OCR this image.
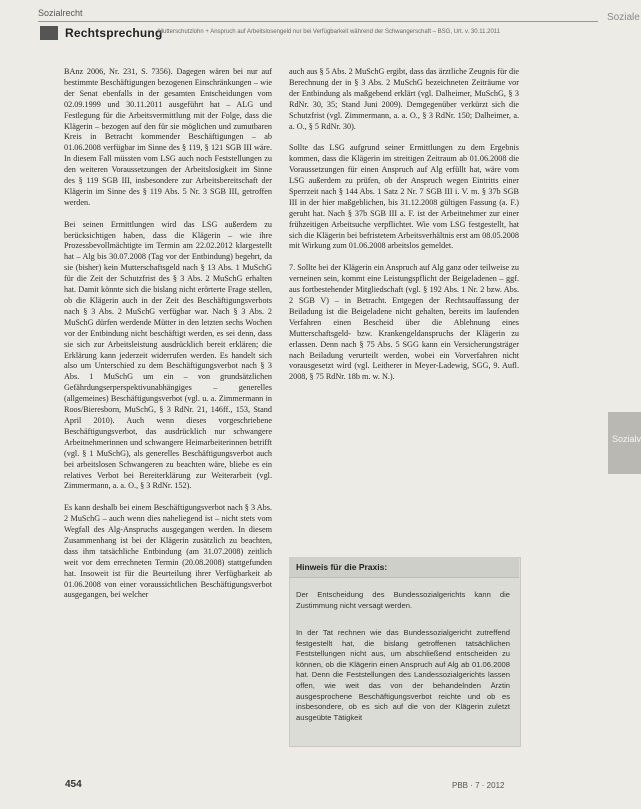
Sozialrecht
Rechtsprechung
Mutterschutzlohn + Anspruch auf Arbeitslosengeld nur bei Verfügbarkeit während der Schwangerschaft – BSG, Urt. v. 30.11.2011
Soziale
Sozialv

BAnz 2006, Nr. 231, S. 7356). Dagegen wären bei nur auf bestimmte Beschäftigungen bezogenen Einschränkungen – wie der Senat ebenfalls in der gesamten Entscheidungen vom 02.09.1999 und 30.11.2011 ausgeführt hat – ALG und Festlegung für die Arbeitsvermittlung mit der Folge, dass die Klägerin – bezogen auf den für sie möglichen und zumutbaren Kreis in Betracht kommender Beschäftigungen – ab 01.06.2008 verfügbar im Sinne des § 119, § 121 SGB III wäre. In diesem Fall müssten vom LSG auch noch Feststellungen zu den weiteren Voraussetzungen der Arbeitslosigkeit im Sinne des § 119 SGB III, insbesondere zur Arbeitsbereitschaft der Klägerin im Sinne des § 119 Abs. 5 Nr. 3 SGB III, getroffen werden.

Bei seinen Ermittlungen wird das LSG außerdem zu berücksichtigen haben, dass die Klägerin – wie ihre Prozessbevollmächtigte im Termin am 22.02.2012 klargestellt hat – Alg bis 30.07.2008 (Tag vor der Entbindung) begehrt, da sie (bisher) kein Mutterschaftsgeld nach § 13 Abs. 1 MuSchG für die Zeit der Schutzfrist des § 3 Abs. 2 MuSchG erhalten hat. Damit könnte sich die bislang nicht erörterte Frage stellen, ob die Klägerin auch in der Zeit des Beschäftigungsverbots nach § 3 Abs. 2 MuSchG verfügbar war. Nach § 3 Abs. 2 MuSchG dürfen werdende Mütter in den letzten sechs Wochen vor der Entbindung nicht beschäftigt werden, es sei denn, dass sie sich zur Arbeitsleistung ausdrücklich bereit erklären; die Erklärung kann jederzeit widerrufen werden. Es handelt sich also um Unterschied zu dem Beschäftigungsverbot nach § 3 Abs. 1 MuSchG um ein – von grundsätzlichen Gefährdungserperspektivunabhängiges – generelles (allgemeines) Beschäftigungsverbot (vgl. u. a. Zimmermann in Roos/Bieresborn, MuSchG, § 3 RdNr. 21, 146ff., 153, Stand April 2010). Auch wenn dieses vorgeschriebene Beschäftigungsverbot, das ausdrücklich nur schwangere Arbeitnehmerinnen und schwangere Heimarbeiterinnen betrifft (vgl. § 1 MuSchG), als generelles Beschäftigungsverbot auch bei arbeitslosen Schwangeren zu beachten wäre, bliebe es ein relatives Verbot bei Bereiterklärung zur Weiterarbeit (vgl. Zimmermann, a. a. O., § 3 RdNr. 152).

Es kann deshalb bei einem Beschäftigungsverbot nach § 3 Abs. 2 MuSchG – auch wenn dies naheliegend ist – nicht stets vom Wegfall des Alg-Anspruchs ausgegangen werden. In diesem Zusammenhang ist bei der Klägerin zusätzlich zu beachten, dass ihm tatsächliche Entbindung (am 31.07.2008) zeitlich weit vor dem errechneten Termin (20.08.2008) stattgefunden hat. Insoweit ist für die Beurteilung ihrer Verfügbarkeit ab 01.06.2008 von einer voraussichtlichen Beschäftigungsverbot ausgegangen, bei welcher

auch aus § 5 Abs. 2 MuSchG ergibt, dass das ärztliche Zeugnis für die Berechnung der in § 3 Abs. 2 MuSchG bezeichneten Zeiträume vor der Entbindung als maßgebend erklärt (vgl. Dalheimer, MuSchG, § 3 RdNr. 30, 35; Stand Juni 2009). Demgegenüber verkürzt sich die Schutzfrist (vgl. Zimmermann, a. a. O., § 3 RdNr. 150; Dalheimer, a. a. O., § 5 RdNr. 30).

Sollte das LSG aufgrund seiner Ermittlungen zu dem Ergebnis kommen, dass die Klägerin im streitigen Zeitraum ab 01.06.2008 die Voraussetzungen für einen Anspruch auf Alg erfüllt hat, wäre vom LSG außerdem zu prüfen, ob der Anspruch wegen Eintritts einer Sperrzeit nach § 144 Abs. 1 Satz 2 Nr. 7 SGB III i. V. m. § 37b SGB III in der hier maßgeblichen, bis 31.12.2008 gültigen Fassung (a. F.) geruht hat. Nach § 37b SGB III a. F. ist der Arbeitnehmer zur einer frühzeitigen Arbeitsuche verpflichtet. Wie vom LSG festgestellt, hat sich die Klägerin bei befristetem Arbeitsverhältnis erst am 08.05.2008 mit Wirkung zum 01.06.2008 arbeitslos gemeldet.

7. Sollte bei der Klägerin ein Anspruch auf Alg ganz oder teilweise zu verneinen sein, kommt eine Leistungspflicht der Beigeladenen – ggf. aus fortbestehender Mitgliedschaft (vgl. § 192 Abs. 1 Nr. 2 bzw. Abs. 2 SGB V) – in Betracht. Entgegen der Rechtsauffassung der Beiladung ist die Beigeladene nicht gehalten, bereits im laufenden Verfahren einen Bescheid über die Ablehnung eines Mutterschaftsgeld- bzw. Krankengeldanspruchs der Klägerin zu erlassen. Denn nach § 75 Abs. 5 SGG kann ein Versicherungsträger nach Beiladung verurteilt werden, wobei ein Vorverfahren nicht vorausgesetzt wird (vgl. Leitherer in Meyer-Ladewig, SGG, 9. Aufl. 2008, § 75 RdNr. 18b m. w. N.).

Hinweis für die Praxis:
Der Entscheidung des Bundessozialgerichts kann die Zustimmung nicht versagt werden.
In der Tat rechnen wie das Bundessozialgericht zutreffend festgestellt hat, die bislang getroffenen tatsächlichen Feststellungen nicht aus, um abschließend entscheiden zu können, ob die Klägerin einen Anspruch auf Alg ab 01.06.2008 hat. Denn die Feststellungen des Landessozialgerichts lassen offen, wie weit das von der behandelnden Ärztin ausgesprochene Beschäftigungsverbot reichte und ob es insbesondere, ob es sich auf die von der Klägerin zuletzt ausgeübte Tätigkeit
454	PBB · 7 · 2012
